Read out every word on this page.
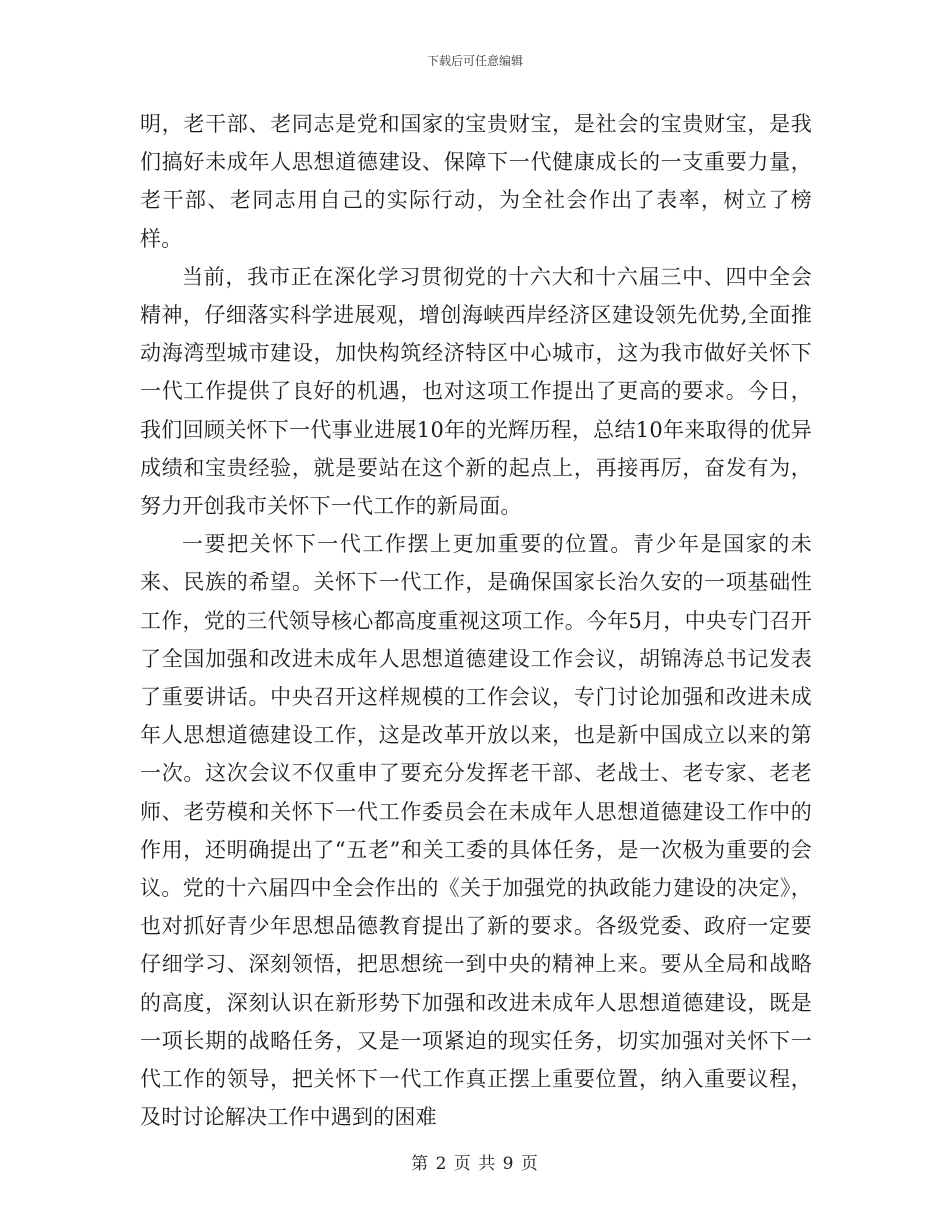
下载后可任意编辑

明，老干部、老同志是党和国家的宝贵财宝，是社会的宝贵财宝，是我们搞好未成年人思想道德建设、保障下一代健康成长的一支重要力量，老干部、老同志用自己的实际行动，为全社会作出了表率，树立了榜样。

当前，我市正在深化学习贯彻党的十六大和十六届三中、四中全会精神，仔细落实科学进展观，增创海峡西岸经济区建设领先优势,全面推动海湾型城市建设，加快构筑经济特区中心城市，这为我市做好关怀下一代工作提供了良好的机遇，也对这项工作提出了更高的要求。今日，我们回顾关怀下一代事业进展10年的光辉历程，总结10年来取得的优异成绩和宝贵经验，就是要站在这个新的起点上，再接再厉，奋发有为，努力开创我市关怀下一代工作的新局面。

一要把关怀下一代工作摆上更加重要的位置。青少年是国家的未来、民族的希望。关怀下一代工作，是确保国家长治久安的一项基础性工作，党的三代领导核心都高度重视这项工作。今年5月，中央专门召开了全国加强和改进未成年人思想道德建设工作会议，胡锦涛总书记发表了重要讲话。中央召开这样规模的工作会议，专门讨论加强和改进未成年人思想道德建设工作，这是改革开放以来，也是新中国成立以来的第一次。这次会议不仅重申了要充分发挥老干部、老战士、老专家、老老师、老劳模和关怀下一代工作委员会在未成年人思想道德建设工作中的作用，还明确提出了“五老”和关工委的具体任务，是一次极为重要的会议。党的十六届四中全会作出的《关于加强党的执政能力建设的决定》，也对抓好青少年思想品德教育提出了新的要求。各级党委、政府一定要仔细学习、深刻领悟，把思想统一到中央的精神上来。要从全局和战略的高度，深刻认识在新形势下加强和改进未成年人思想道德建设，既是一项长期的战略任务，又是一项紧迫的现实任务，切实加强对关怀下一代工作的领导，把关怀下一代工作真正摆上重要位置，纳入重要议程，及时讨论解决工作中遇到的困难

第 2 页 共 9 页
